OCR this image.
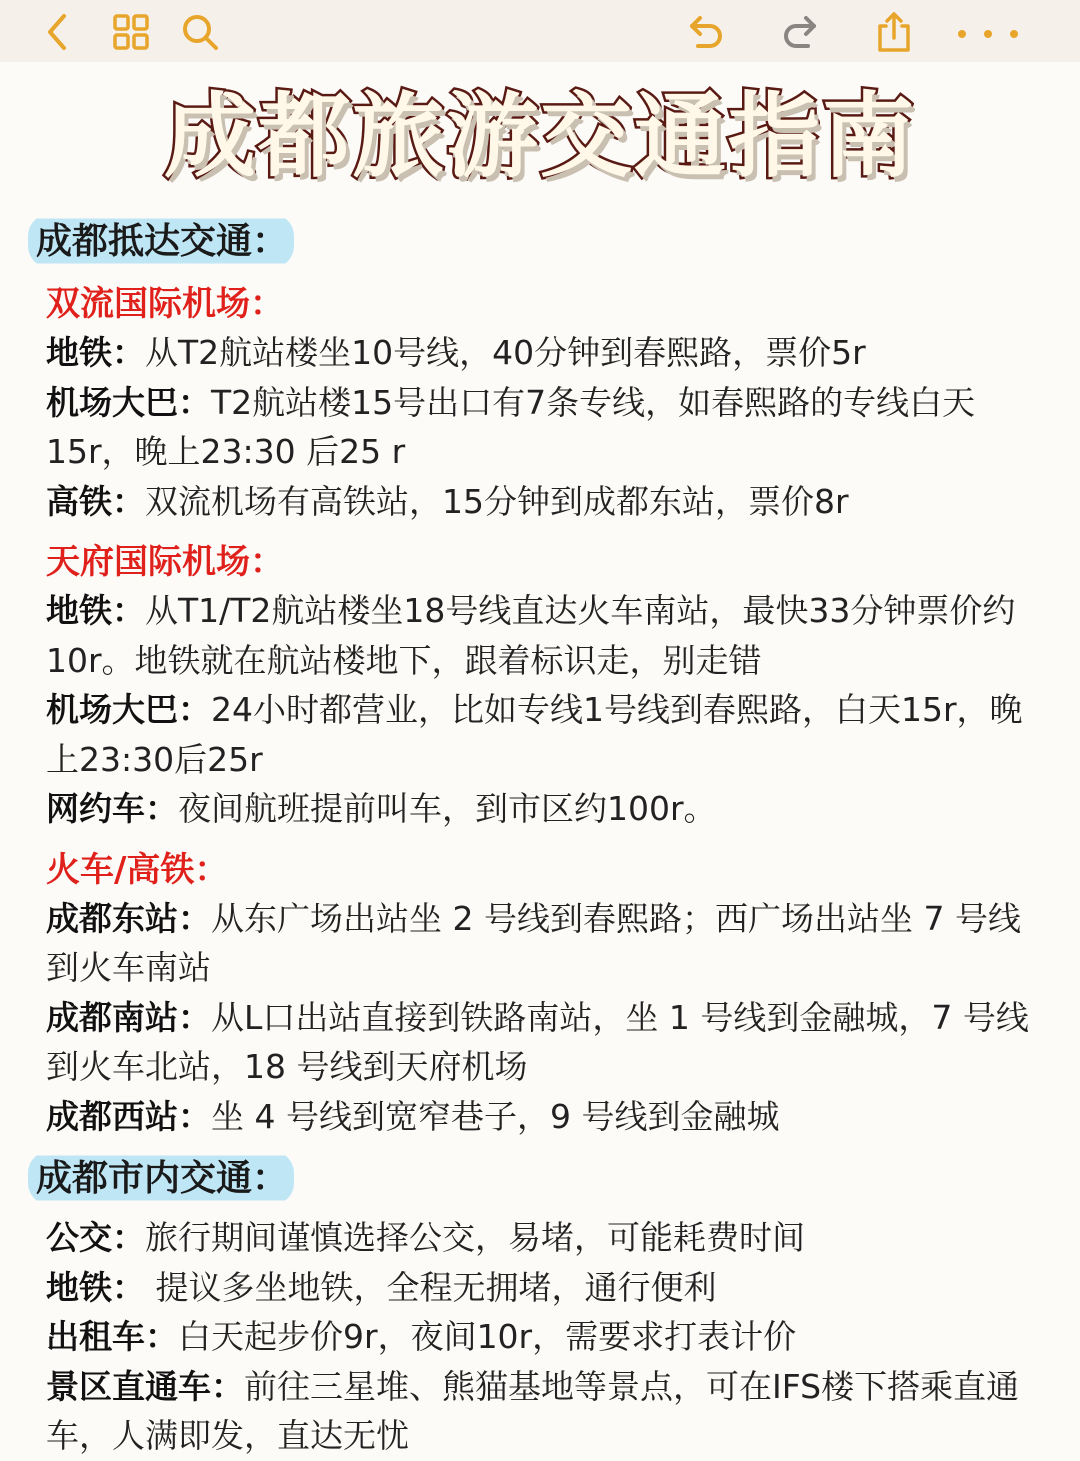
成都旅游交通指南
成都抵达交通：
双流国际机场：
地铁：从T2航站楼坐10号线，40分钟到春熙路，票价5r
机场大巴：T2航站楼15号出口有7条专线，如春熙路的专线白天15r，晚上23:30 后25 r
高铁：双流机场有高铁站，15分钟到成都东站，票价8r
天府国际机场：
地铁：从T1/T2航站楼坐18号线直达火车南站，最快33分钟票价约10r。地铁就在航站楼地下，跟着标识走，别走错
机场大巴：24小时都营业，比如专线1号线到春熙路，白天15r，晚上23:30后25r
网约车：夜间航班提前叫车，到市区约100r。
火车/高铁：
成都东站：从东广场出站坐 2 号线到春熙路；西广场出站坐 7 号线到火车南站
成都南站：从L口出站直接到铁路南站，坐 1 号线到金融城，7 号线到火车北站，18 号线到天府机场
成都西站：坐 4 号线到宽窄巷子，9 号线到金融城
成都市内交通：
公交：旅行期间谨慎选择公交，易堵，可能耗费时间
地铁： 提议多坐地铁，全程无拥堵，通行便利
出租车：白天起步价9r，夜间10r，需要求打表计价
景区直通车：前往三星堆、熊猫基地等景点，可在IFS楼下搭乘直通车，人满即发，直达无忧
